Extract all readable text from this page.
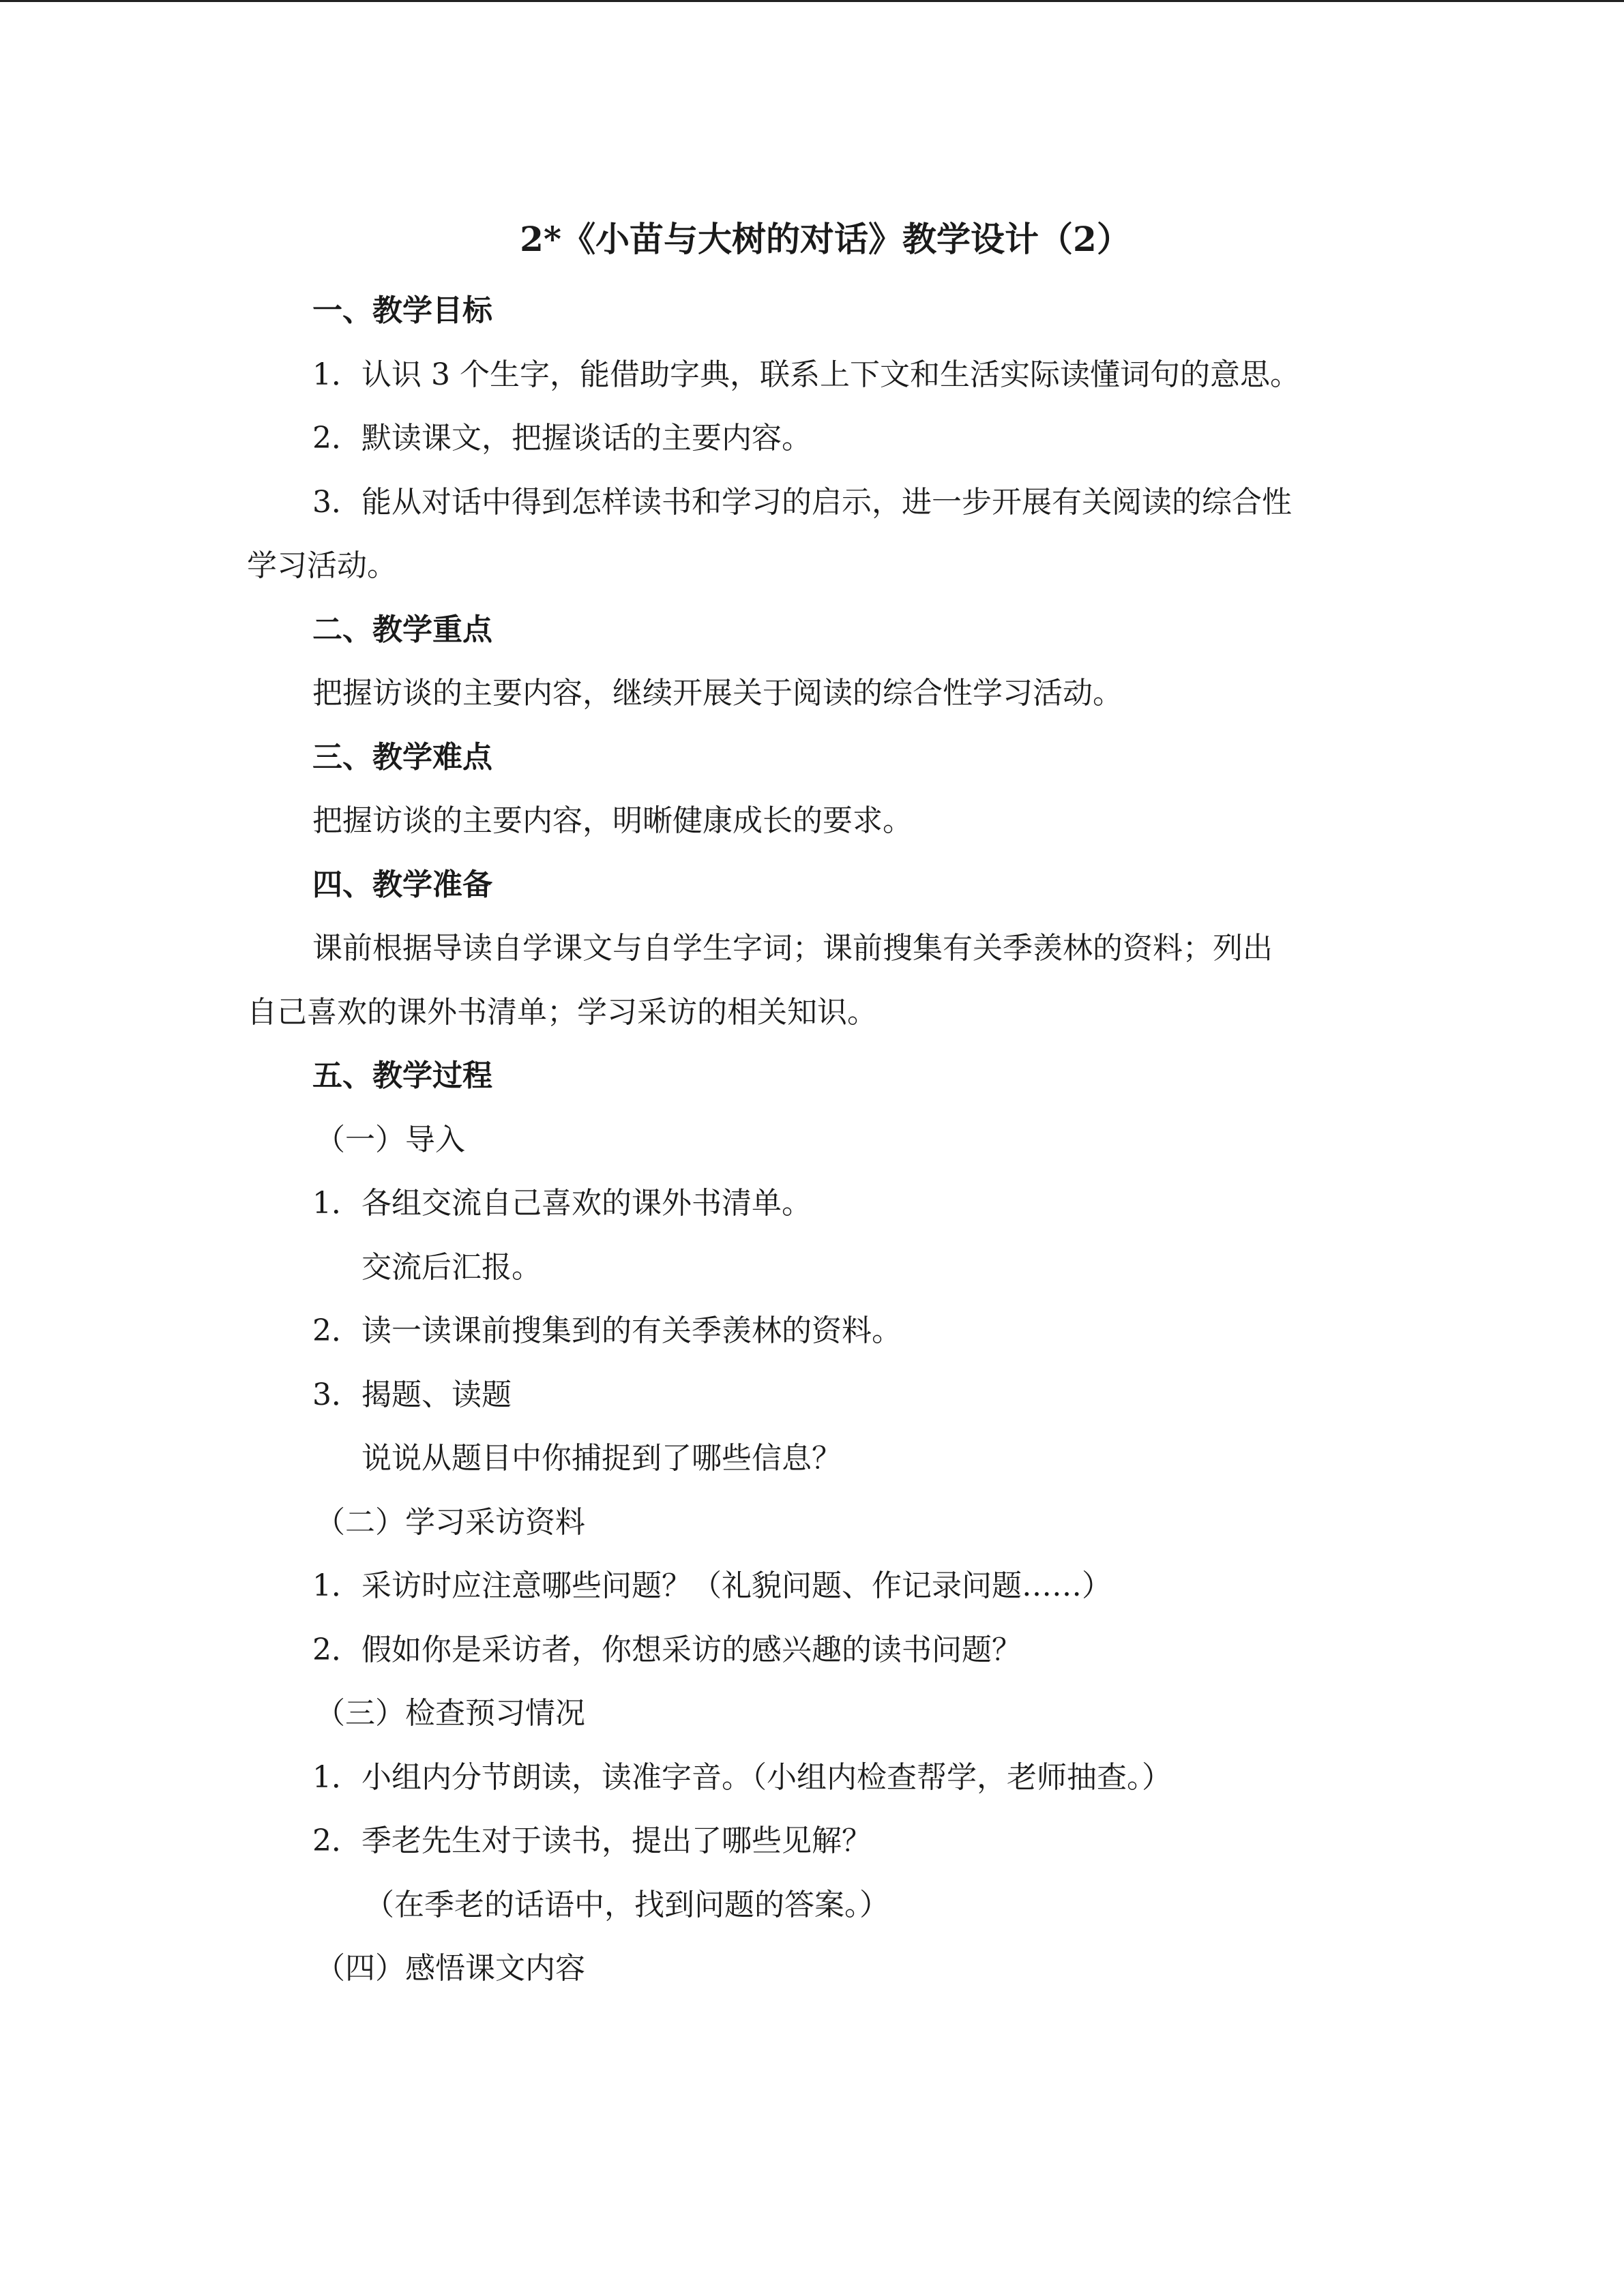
2*《小苗与大树的对话》教学设计（2）
一、教学目标
1．认识 3 个生字，能借助字典，联系上下文和生活实际读懂词句的意思。
2．默读课文，把握谈话的主要内容。
3．能从对话中得到怎样读书和学习的启示，进一步开展有关阅读的综合性
学习活动。
二、教学重点
把握访谈的主要内容，继续开展关于阅读的综合性学习活动。
三、教学难点
把握访谈的主要内容，明晰健康成长的要求。
四、教学准备
课前根据导读自学课文与自学生字词；课前搜集有关季羡林的资料；列出
自己喜欢的课外书清单；学习采访的相关知识。
五、教学过程
（一）导入
1．各组交流自己喜欢的课外书清单。
交流后汇报。
2．读一读课前搜集到的有关季羡林的资料。
3．揭题、读题
说说从题目中你捕捉到了哪些信息？
（二）学习采访资料
1．采访时应注意哪些问题？（礼貌问题、作记录问题……）
2．假如你是采访者，你想采访的感兴趣的读书问题？
（三）检查预习情况
1．小组内分节朗读，读准字音。（小组内检查帮学，老师抽查。）
2．季老先生对于读书，提出了哪些见解？
（在季老的话语中，找到问题的答案。）
（四）感悟课文内容
